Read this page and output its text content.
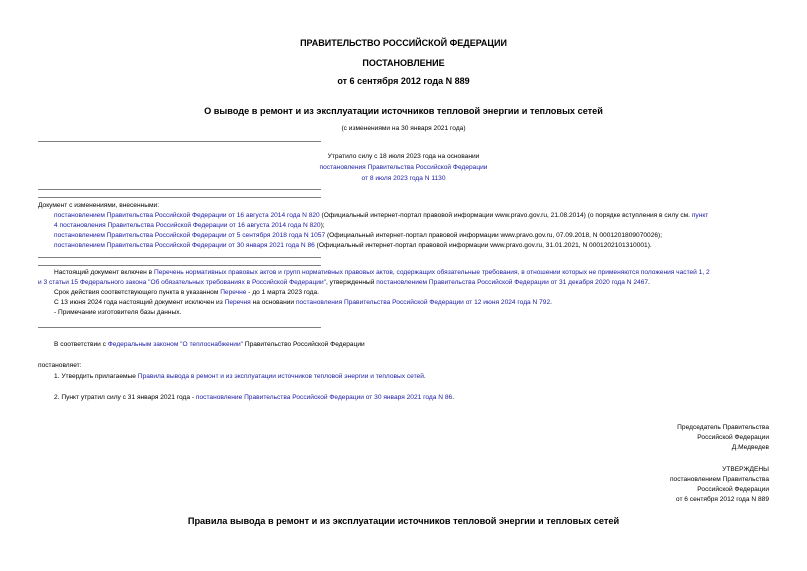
ПРАВИТЕЛЬСТВО РОССИЙСКОЙ ФЕДЕРАЦИИ
ПОСТАНОВЛЕНИЕ
от 6 сентября 2012 года N 889
О выводе в ремонт и из эксплуатации источников тепловой энергии и тепловых сетей
(с изменениями на 30 января 2021 года)
Утратило силу с 18 июля 2023 года на основании
постановления Правительства Российской Федерации
от 8 июля 2023 года N 1130

Документ с изменениями, внесенными:

постановлением Правительства Российской Федерации от 16 августа 2014 года N 820 (Официальный интернет-портал правовой информации www.pravo.gov.ru, 21.08.2014) (о порядке вступления в силу см. пункт

4 постановления Правительства Российской Федерации от 16 августа 2014 года N 820);

постановлением Правительства Российской Федерации от 5 сентября 2018 года N 1057 (Официальный интернет-портал правовой информации www.pravo.gov.ru, 07.09.2018, N 0001201809070026);

постановлением Правительства Российской Федерации от 30 января 2021 года N 86 (Официальный интернет-портал правовой информации www.pravo.gov.ru, 31.01.2021, N 0001202101310001).

Настоящий документ включен в Перечень нормативных правовых актов и групп нормативных правовых актов, содержащих обязательные требования, в отношении которых не применяются положения частей 1, 2

и 3 статьи 15 Федерального закона "Об обязательных требованиях в Российской Федерации", утвержденный постановлением Правительства Российской Федерации от 31 декабря 2020 года N 2467.

Срок действия соответствующего пункта в указанном Перечне - до 1 марта 2023 года.

С 13 июня 2024 года настоящий документ исключен из Перечня на основании постановления Правительства Российской Федерации от 12 июня 2024 года N 792.

- Примечание изготовителя базы данных.

В соответствии с Федеральным законом "О теплоснабжении" Правительство Российской Федерации

постановляет:

1. Утвердить прилагаемые Правила вывода в ремонт и из эксплуатации источников тепловой энергии и тепловых сетей.

2. Пункт утратил силу с 31 января 2021 года - постановление Правительства Российской Федерации от 30 января 2021 года N 86.

Председатель Правительства
Российской Федерации
Д.Медведев
УТВЕРЖДЕНЫ
постановлением Правительства
Российской Федерации
от 6 сентября 2012 года N 889
Правила вывода в ремонт и из эксплуатации источников тепловой энергии и тепловых сетей
